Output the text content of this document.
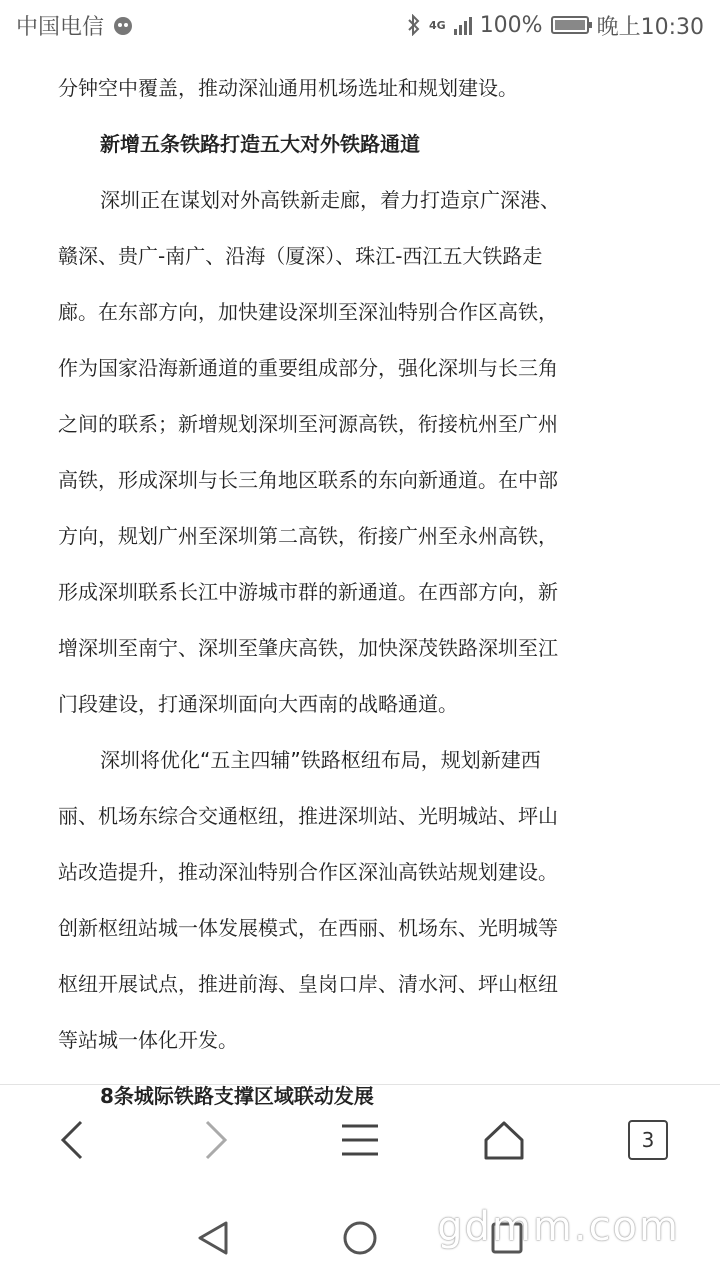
中国电信	4G 100% 晚上10:30
分钟空中覆盖，推动深汕通用机场选址和规划建设。
新增五条铁路打造五大对外铁路通道
深圳正在谋划对外高铁新走廊，着力打造京广深港、
赣深、贵广-南广、沿海（厦深）、珠江-西江五大铁路走
廊。在东部方向，加快建设深圳至深汕特别合作区高铁，
作为国家沿海新通道的重要组成部分，强化深圳与长三角
之间的联系；新增规划深圳至河源高铁，衔接杭州至广州
高铁，形成深圳与长三角地区联系的东向新通道。在中部
方向，规划广州至深圳第二高铁，衔接广州至永州高铁，
形成深圳联系长江中游城市群的新通道。在西部方向，新
增深圳至南宁、深圳至肇庆高铁，加快深茂铁路深圳至江
门段建设，打通深圳面向大西南的战略通道。
深圳将优化“五主四辅”铁路枢纽布局，规划新建西
丽、机场东综合交通枢纽，推进深圳站、光明城站、坪山
站改造提升，推动深汕特别合作区深汕高铁站规划建设。
创新枢纽站城一体发展模式，在西丽、机场东、光明城等
枢纽开展试点，推进前海、皇岗口岸、清水河、坪山枢纽
等站城一体化开发。
8条城际铁路支撑区域联动发展
3
gdmm.com
